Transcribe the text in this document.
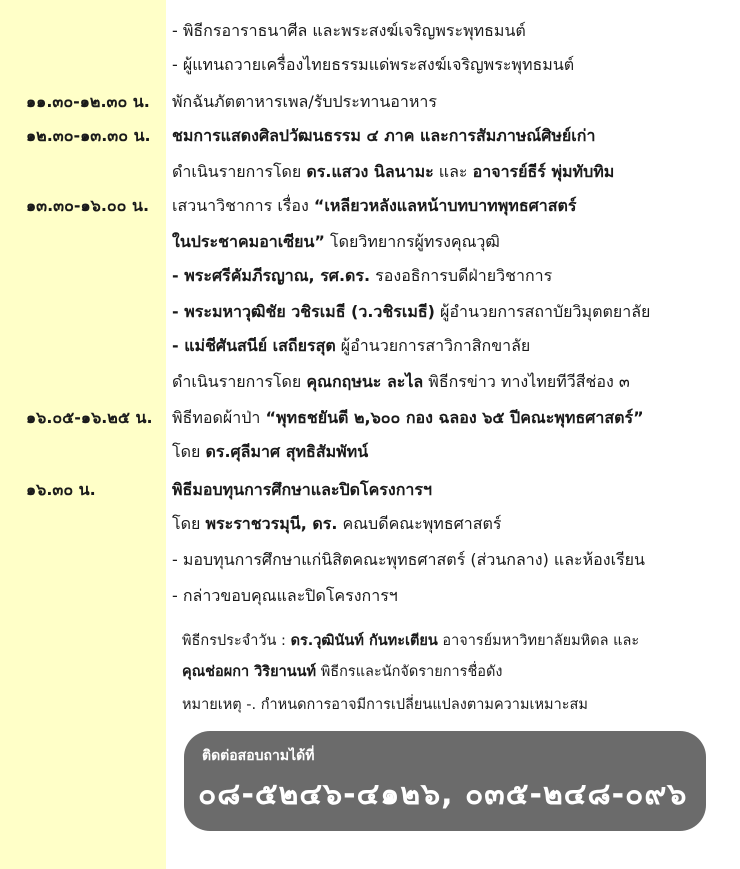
- พิธีกรอาราธนาศีล และพระสงฆ์เจริญพระพุทธมนต์
- ผู้แทนถวายเครื่องไทยธรรมแด่พระสงฆ์เจริญพระพุทธมนต์
๑๑.๓๐-๑๒.๓๐ น.	พักฉันภัตตาหารเพล/รับประทานอาหาร
๑๒.๓๐-๑๓.๓๐ น.	ชมการแสดงศิลปวัฒนธรรม ๔ ภาค และการสัมภาษณ์ศิษย์เก่า
ดำเนินรายการโดย ดร.แสวง นิลนามะ และ อาจารย์ธีร์ พุ่มทับทิม
๑๓.๓๐-๑๖.๐๐ น.	เสวนาวิชาการ เรื่อง “เหลียวหลังแลหน้าบทบาทพุทธศาสตร์
ในประชาคมอาเซียน” โดยวิทยากรผู้ทรงคุณวุฒิ
- พระศรีคัมภีรญาณ, รศ.ดร. รองอธิการบดีฝ่ายวิชาการ
- พระมหาวุฒิชัย วชิรเมธี (ว.วชิรเมธี) ผู้อำนวยการสถาบัยวิมุตตยาลัย
- แม่ชีศันสนีย์ เสถียรสุต ผู้อำนวยการสาวิกาสิกขาลัย
ดำเนินรายการโดย คุณกฤษนะ ละไล พิธีกรข่าว ทางไทยทีวีสีช่อง ๓
๑๖.๐๕-๑๖.๒๕ น.	พิธีทอดผ้าป่า “พุทธชยันตี ๒,๖๐๐ กอง ฉลอง ๖๕ ปีคณะพุทธศาสตร์”
โดย ดร.ศุลีมาศ สุทธิสัมพัทน์
๑๖.๓๐ น.	พิธีมอบทุนการศึกษาและปิดโครงการฯ
โดย พระราชวรมุนี, ดร. คณบดีคณะพุทธศาสตร์
- มอบทุนการศึกษาแก่นิสิตคณะพุทธศาสตร์ (ส่วนกลาง) และห้องเรียน
- กล่าวขอบคุณและปิดโครงการฯ
พิธีกรประจำวัน : ดร.วุฒินันท์ กันทะเตียน อาจารย์มหาวิทยาลัยมหิดล และ
คุณช่อผกา วิริยานนท์ พิธีกรและนักจัดรายการชื่อดัง
หมายเหตุ -. กำหนดการอาจมีการเปลี่ยนแปลงตามความเหมาะสม
ติดต่อสอบถามได้ที่
๐๘-๕๒๔๖-๔๑๒๖, ๐๓๕-๒๔๘-๐๙๖
